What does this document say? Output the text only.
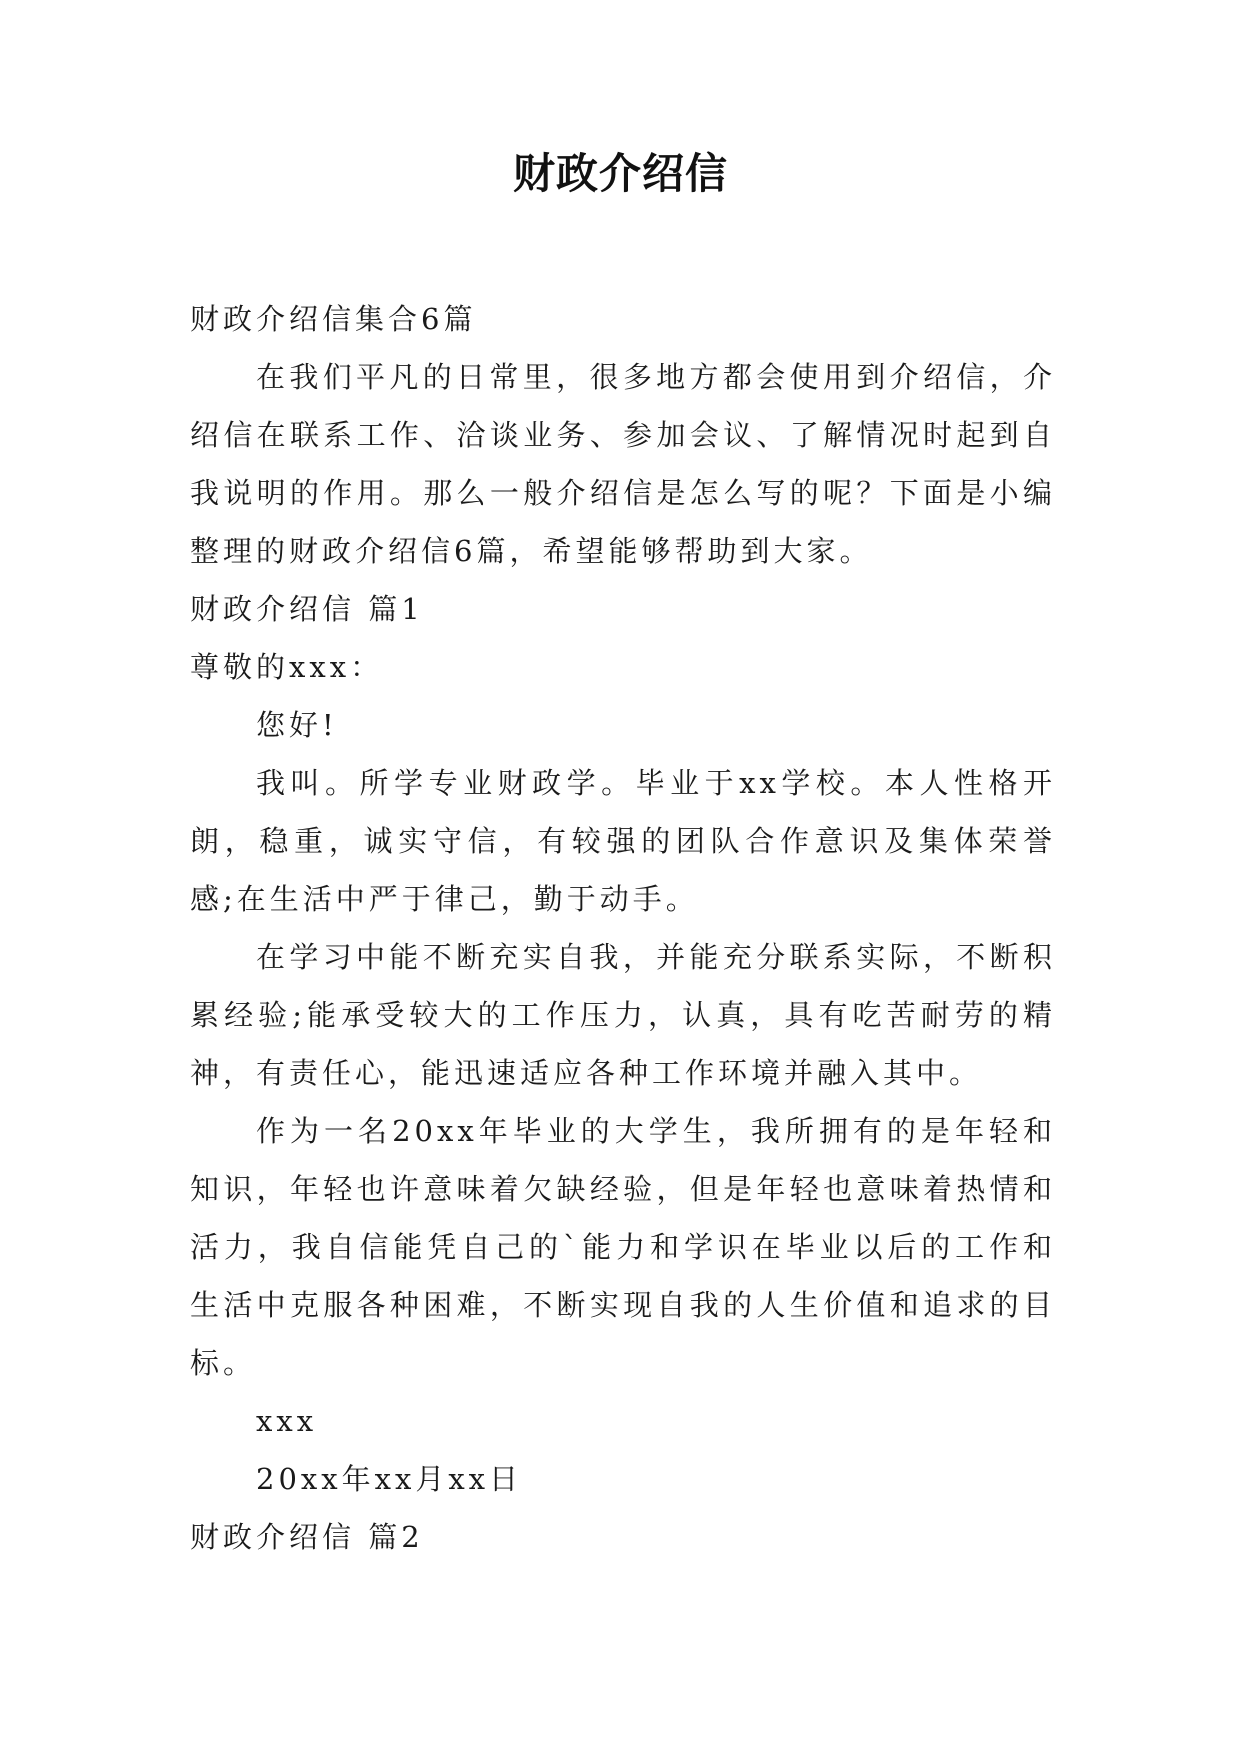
财政介绍信

财政介绍信集合6篇

在我们平凡的日常里，很多地方都会使用到介绍信，介绍信在联系工作、洽谈业务、参加会议、了解情况时起到自我说明的作用。那么一般介绍信是怎么写的呢？下面是小编整理的财政介绍信6篇，希望能够帮助到大家。

财政介绍信 篇1

尊敬的xxx：

您好!

我叫。所学专业财政学。毕业于xx学校。本人性格开朗，稳重，诚实守信，有较强的团队合作意识及集体荣誉感;在生活中严于律己，勤于动手。

在学习中能不断充实自我，并能充分联系实际，不断积累经验;能承受较大的工作压力，认真，具有吃苦耐劳的精神，有责任心，能迅速适应各种工作环境并融入其中。

作为一名20xx年毕业的大学生，我所拥有的是年轻和知识，年轻也许意味着欠缺经验，但是年轻也意味着热情和活力，我自信能凭自己的`能力和学识在毕业以后的工作和生活中克服各种困难，不断实现自我的人生价值和追求的目标。

xxx

20xx年xx月xx日

财政介绍信 篇2
